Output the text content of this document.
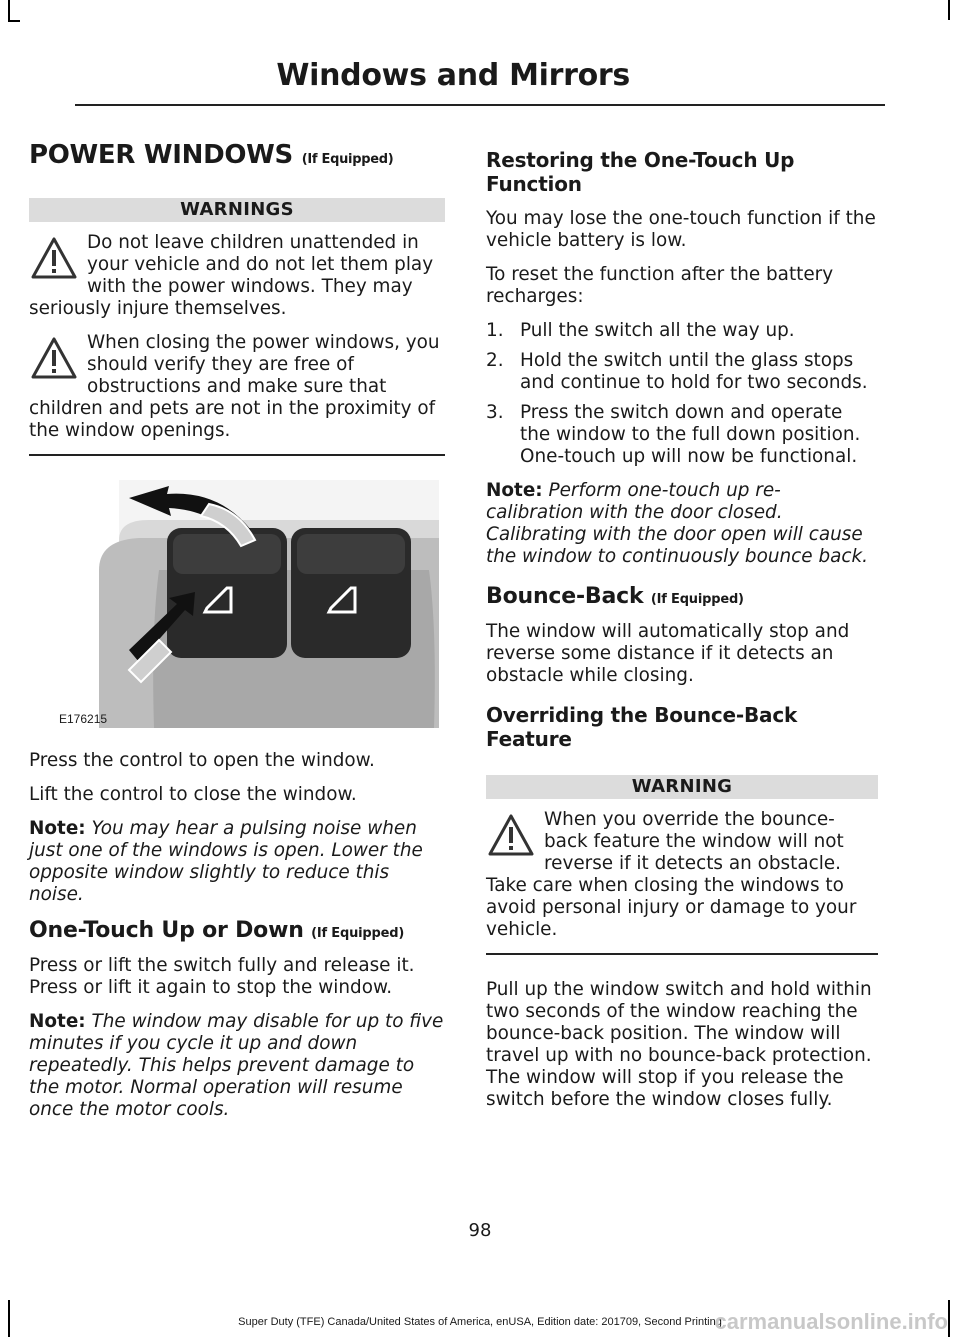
Windows and Mirrors
POWER WINDOWS (If Equipped)
WARNINGS
Do not leave children unattended in your vehicle and do not let them play with the power windows. They may seriously injure themselves.
When closing the power windows, you should verify they are free of obstructions and make sure that children and pets are not in the proximity of the window openings.
E176215

Press the control to open the window.

Lift the control to close the window.

Note: You may hear a pulsing noise when just one of the windows is open. Lower the opposite window slightly to reduce this noise.

One-Touch Up or Down (If Equipped)

Press or lift the switch fully and release it. Press or lift it again to stop the window.

Note: The window may disable for up to five minutes if you cycle it up and down repeatedly. This helps prevent damage to the motor. Normal operation will resume once the motor cools.

Restoring the One-Touch Up Function

You may lose the one-touch function if the vehicle battery is low.

To reset the function after the battery recharges:

1. Pull the switch all the way up.
2. Hold the switch until the glass stops and continue to hold for two seconds.
3. Press the switch down and operate the window to the full down position. One-touch up will now be functional.

Note: Perform one-touch up re-calibration with the door closed. Calibrating with the door open will cause the window to continuously bounce back.

Bounce-Back (If Equipped)

The window will automatically stop and reverse some distance if it detects an obstacle while closing.

Overriding the Bounce-Back Feature
WARNING
When you override the bounce-back feature the window will not reverse if it detects an obstacle. Take care when closing the windows to avoid personal injury or damage to your vehicle.

Pull up the window switch and hold within two seconds of the window reaching the bounce-back position. The window will travel up with no bounce-back protection. The window will stop if you release the switch before the window closes fully.

98
Super Duty (TFE) Canada/United States of America, enUSA, Edition date: 201709, Second Printing
carmanualsonline.info
